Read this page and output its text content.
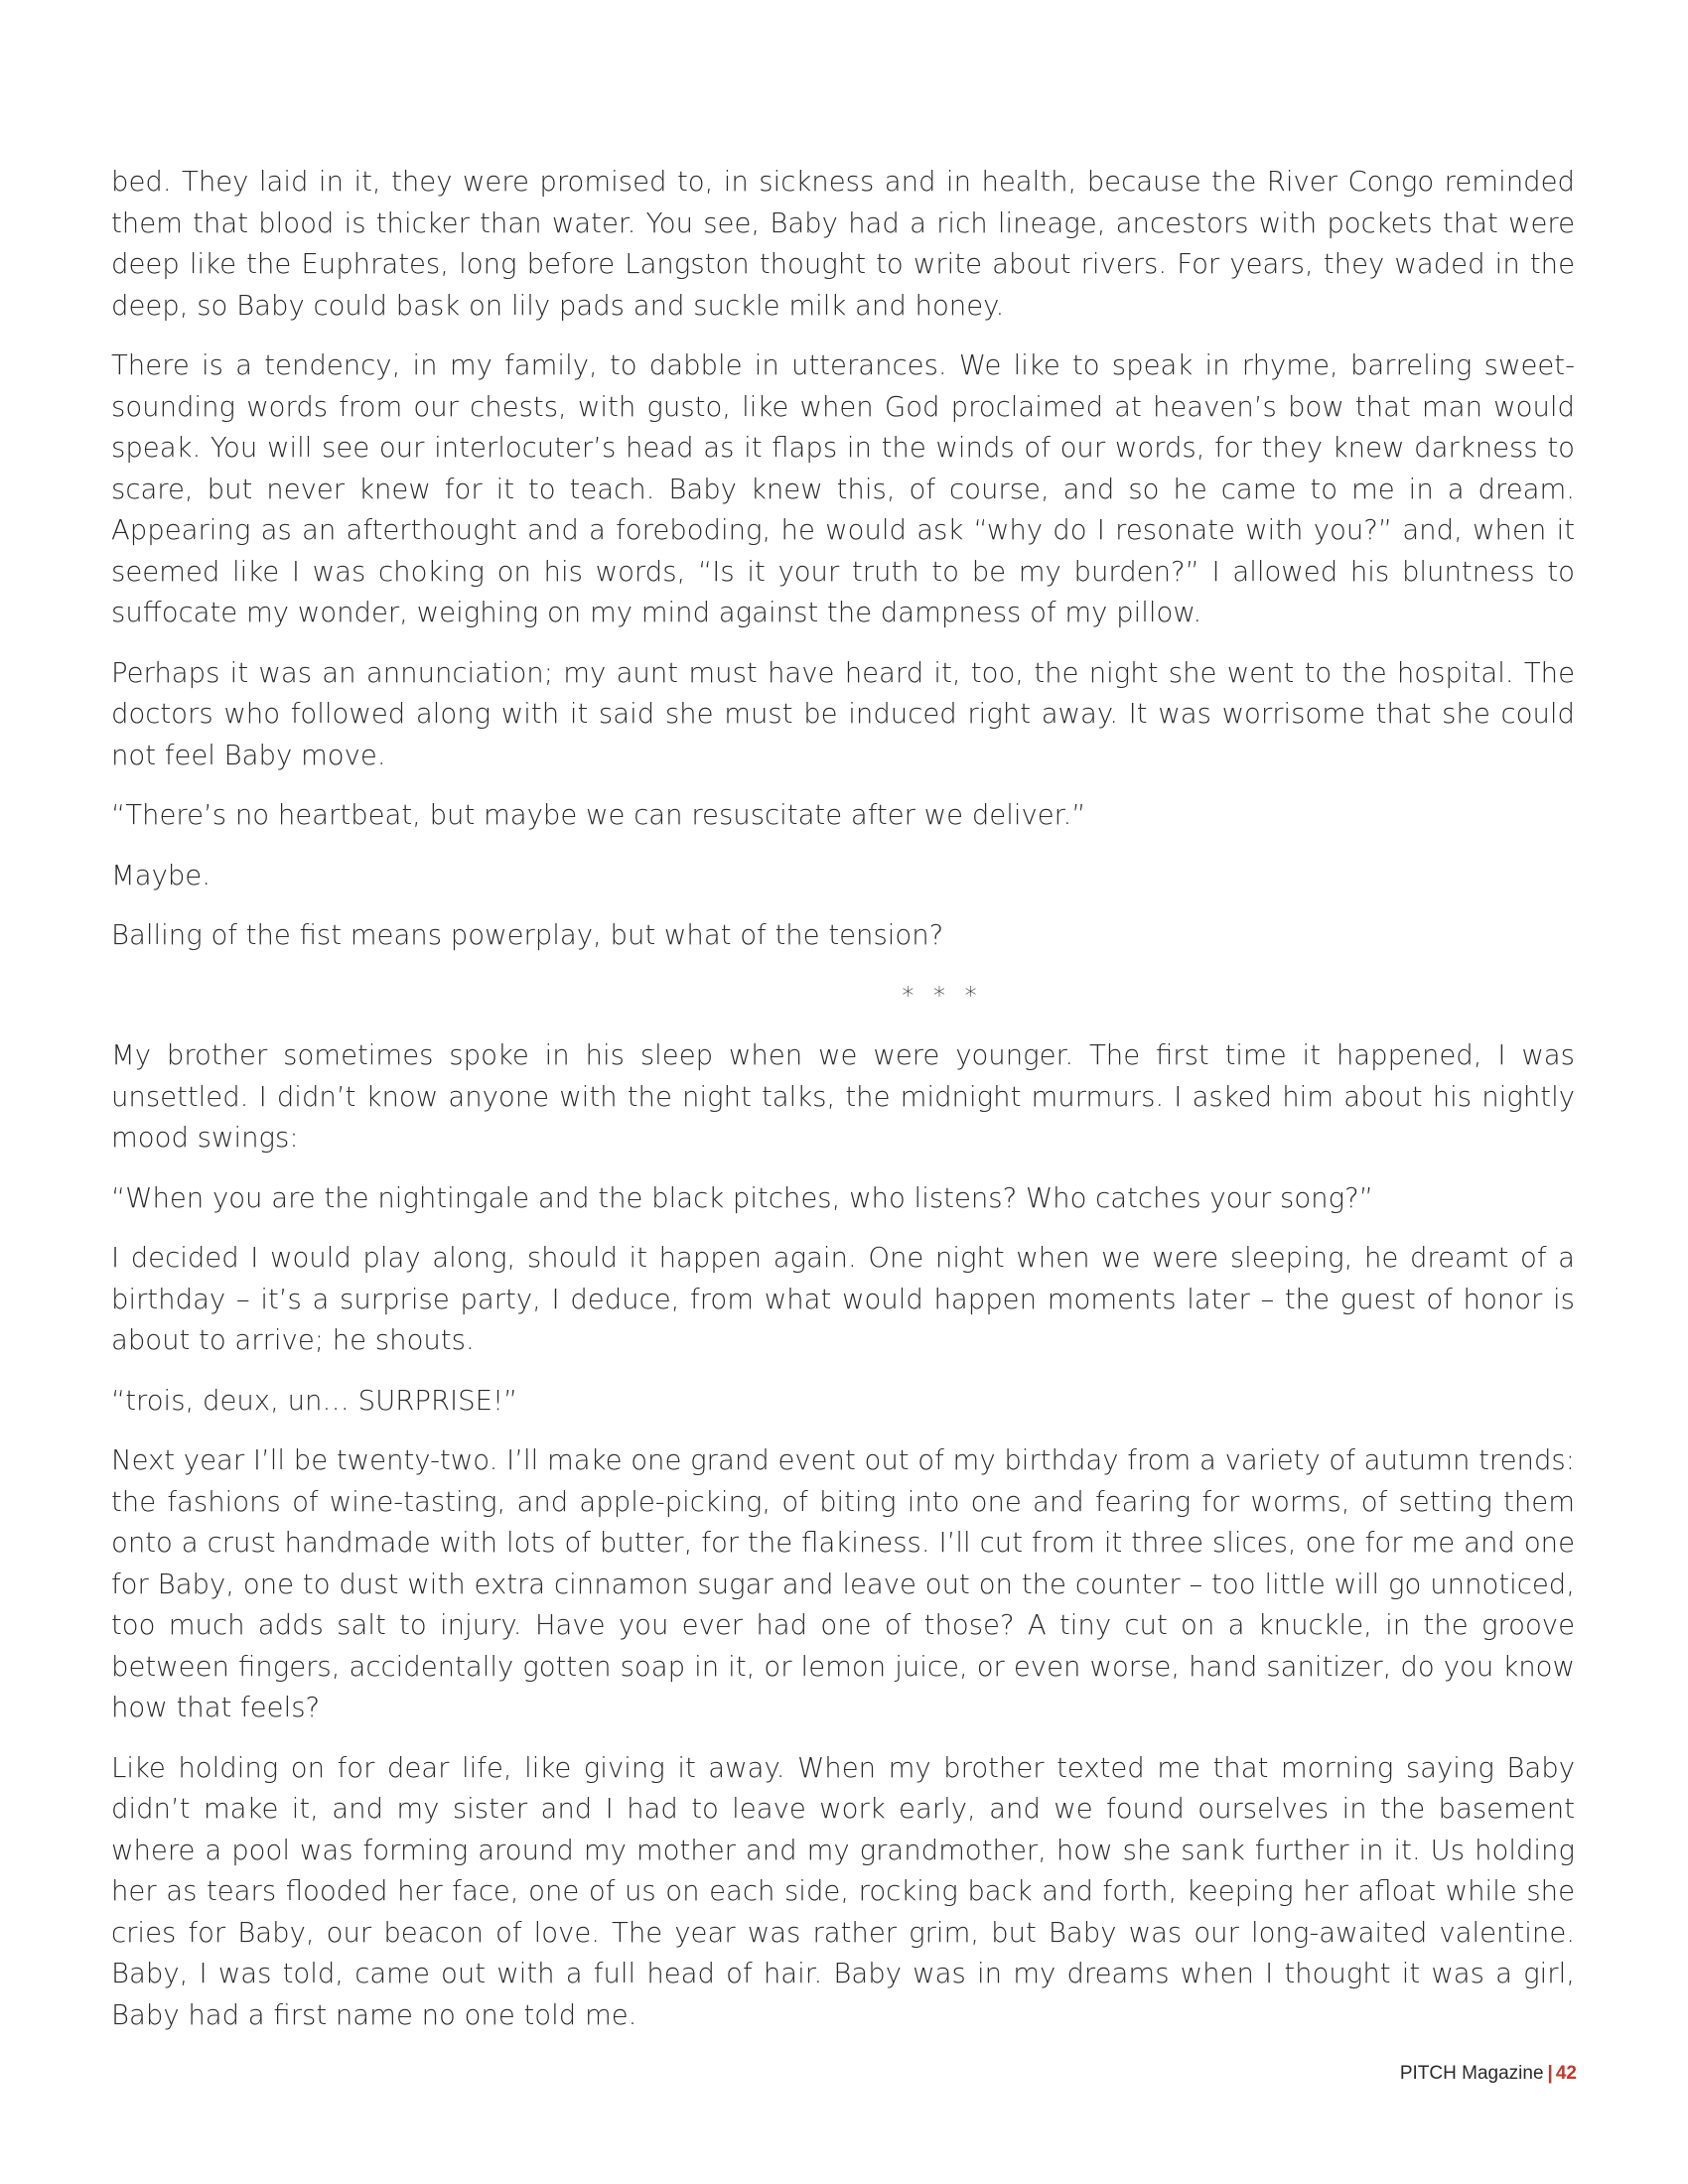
bed. They laid in it, they were promised to, in sickness and in health, because the River Congo reminded them that blood is thicker than water. You see, Baby had a rich lineage, ancestors with pockets that were deep like the Euphrates, long before Langston thought to write about rivers. For years, they waded in the deep, so Baby could bask on lily pads and suckle milk and honey.

There is a tendency, in my family, to dabble in utterances. We like to speak in rhyme, barreling sweet-sounding words from our chests, with gusto, like when God proclaimed at heaven’s bow that man would speak. You will see our interlocuter’s head as it flaps in the winds of our words, for they knew darkness to scare, but never knew for it to teach. Baby knew this, of course, and so he came to me in a dream. Appearing as an afterthought and a foreboding, he would ask “why do I resonate with you?” and, when it seemed like I was choking on his words, “Is it your truth to be my burden?” I allowed his bluntness to suffocate my wonder, weighing on my mind against the dampness of my pillow.

Perhaps it was an annunciation; my aunt must have heard it, too, the night she went to the hospital. The doctors who followed along with it said she must be induced right away. It was worrisome that she could not feel Baby move.

“There’s no heartbeat, but maybe we can resuscitate after we deliver.”

Maybe.

Balling of the fist means powerplay, but what of the tension?

* * *

My brother sometimes spoke in his sleep when we were younger. The first time it happened, I was unsettled. I didn’t know anyone with the night talks, the midnight murmurs. I asked him about his nightly mood swings:

“When you are the nightingale and the black pitches, who listens? Who catches your song?”

I decided I would play along, should it happen again. One night when we were sleeping, he dreamt of a birthday – it’s a surprise party, I deduce, from what would happen moments later – the guest of honor is about to arrive; he shouts.

“trois, deux, un… SURPRISE!”

Next year I’ll be twenty-two. I’ll make one grand event out of my birthday from a variety of autumn trends: the fashions of wine-tasting, and apple-picking, of biting into one and fearing for worms, of setting them onto a crust handmade with lots of butter, for the flakiness. I’ll cut from it three slices, one for me and one for Baby, one to dust with extra cinnamon sugar and leave out on the counter – too little will go unnoticed, too much adds salt to injury. Have you ever had one of those? A tiny cut on a knuckle, in the groove between fingers, accidentally gotten soap in it, or lemon juice, or even worse, hand sanitizer, do you know how that feels?

Like holding on for dear life, like giving it away. When my brother texted me that morning saying Baby didn’t make it, and my sister and I had to leave work early, and we found ourselves in the basement where a pool was forming around my mother and my grandmother, how she sank further in it. Us holding her as tears flooded her face, one of us on each side, rocking back and forth, keeping her afloat while she cries for Baby, our beacon of love. The year was rather grim, but Baby was our long-awaited valentine. Baby, I was told, came out with a full head of hair. Baby was in my dreams when I thought it was a girl, Baby had a first name no one told me.

PITCH Magazine | 42
